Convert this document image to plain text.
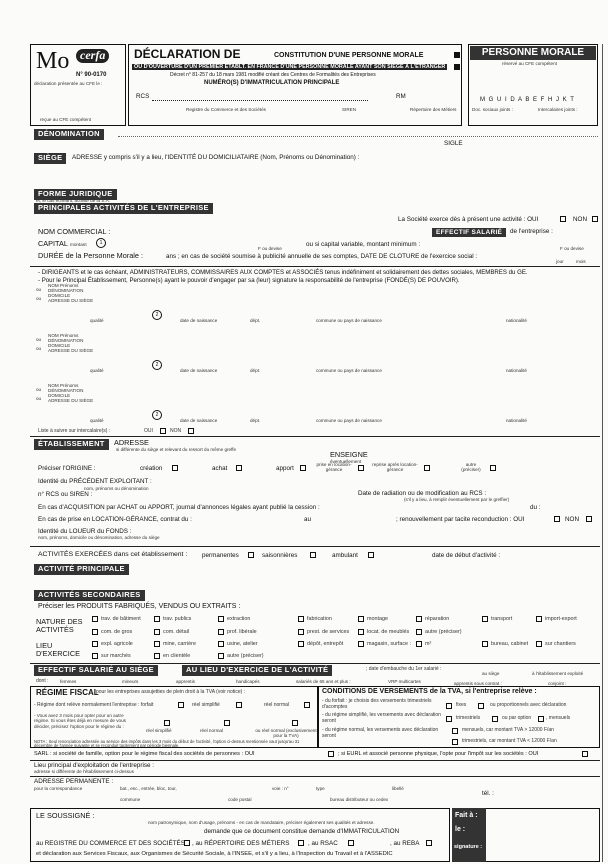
Mo cerfa
N° 90-0170
déclaration présentée au CFE le :
reçue au CFE compétent
DÉCLARATION DE	CONSTITUTION D'UNE PERSONNE MORALE
OU D'OUVERTURE D'UN PREMIER ÉTABLT. EN FRANCE D'UNE PERSONNE MORALE AYANT SON SIÈGE À L'ÉTRANGER
Décret n° 81-257 du 18 mars 1981 modifié créant des Centres de Formalités des Entreprises
NUMÉRO(S) D'IMMATRICULATION PRINCIPALE
RCS	RM
Registre du Commerce et des Sociétés	SIREN	Répertoire des Métiers
PERSONNE MORALE
réservé au CFE compétent
M G U I D A B E F H J K T
Doc. sociaux joints :	Intercalaires joints :
DÉNOMINATION
SIGLE
SIÈGE	ADRESSE y compris s'il y a lieu, l'IDENTITÉ DU DOMICILIATAIRE (Nom, Prénoms ou Dénomination) :
FORME JURIDIQUE
et, le cas échéant, activité de la S.A.
PRINCIPALES ACTIVITÉS DE L'ENTREPRISE
La Société exerce dès à présent une activité : OUI	NON
NOM COMMERCIAL :	EFFECTIF SALARIÉ	de l'entreprise :
CAPITAL montant	1
F ou devise
ou si capital variable, montant minimum :
F ou devise
DURÉE de la Personne Morale :	ans ; en cas de société soumise à publicité annuelle de ses comptes, DATE DE CLOTURE de l'exercice social :
jour	mois
- DIRIGEANTS et le cas échéant, ADMINISTRATEURS, COMMISSAIRES AUX COMPTES et ASSOCIÉS tenus indéfiniment et solidairement des dettes sociales, MEMBRES du GE.
- Pour le Principal Établissement, Personne(s) ayant le pouvoir d'engager par sa (leur) signature la responsabilité de l'entreprise (FONDÉ(S) DE POUVOIR).
ou
NOM Prénoms
DÉNOMINATION
ou
DOMICILE
ADRESSE DU SIÈGE
qualité	date de naissance	dépt.	commune ou pays de naissance	nationalité
2
ou
NOM Prénoms
DÉNOMINATION
ou
DOMICILE
ADRESSE DU SIÈGE
qualité	date de naissance	dépt.	commune ou pays de naissance	nationalité
2
ou
NOM Prénoms
DÉNOMINATION
ou
DOMICILE
ADRESSE DU SIÈGE
qualité	date de naissance	dépt.	commune ou pays de naissance	nationalité
2
Liste à suivre sur intercalaire(s) :	OUI	NON
ÉTABLISSEMENT	ADRESSE
si différente du siège et relevant du ressort du même greffe
ENSEIGNE
éventuellement
Préciser l'ORIGINE :	création	achat	apport
prise en location-gérance
reprise après location-gérance
autre (préciser)
Identité du PRÉCÉDENT EXPLOITANT :
nom, prénoms ou dénomination
n° RCS ou SIREN :	Date de radiation ou de modification au RCS :
(s'il y a lieu, à remplir éventuellement par le greffier)
En cas d'ACQUISITION par ACHAT ou APPORT, journal d'annonces légales ayant publié la cession :	du :
En cas de prise en LOCATION-GÉRANCE, contrat du :	au	; renouvellement par tacite reconduction : OUI	NON
Identité du LOUEUR du FONDS :
nom, prénoms, domicile ou dénomination, adresse du siège
ACTIVITÉS EXERCÉES dans cet établissement : permanentes	saisonnières	ambulant	date de début d'activité :
ACTIVITÉ PRINCIPALE
ACTIVITÉS SECONDAIRES
Préciser les PRODUITS FABRIQUÉS, VENDUS OU EXTRAITS :
NATURE DES ACTIVITÉS
LIEU D'EXERCICE
trav. de bâtiment	trav. publics	extraction	fabrication	montage	réparation	transport	import-export
com. de gros	com. détail	prof. libérale	prest. de services	locat. de meublés	autre (préciser)
expl. agricole	mine, carrière	usine, atelier	dépôt, entrepôt	magasin, surface :	m²	bureau, cabinet	sur chantiers
sur marchés	en clientèle	autre (préciser)
EFFECTIF SALARIÉ AU SIÈGE	AU LIEU D'EXERCICE DE L'ACTIVITÉ	; date d'embauche du 1er salarié :
au siège	à l'établissement exploité
dont : femmes	mineurs	apprentis	handicapés	salariés de 65 ans et plus :	VRP multicartes	apprentis sous contrat :	conjoint :
RÉGIME FISCAL
pour les entreprises assujetties de plein droit à la TVA (voir notice) :
- Régime dont relève normalement l'entreprise : forfait	réel simplifié	réel normal
- Vous avez 3 mois pour opter pour un autre régime. Si vous êtes déjà en mesure de vous décider, précisez l'option pour le régime du :
réel simplifié	réel normal	ou réel normal (exclusivement pour la TVA)
NOTA : Seul renonciation adressée au service des impôts dans les 3 mois du début de l'activité, l'option ci-dessus mentionnée vaut jusqu'au 31 décembre de l'année suivante et se reconduit tacitement par période biennale.
CONDITIONS DE VERSEMENTS de la TVA, si l'entreprise relève :
- du forfait : je choisis des versements trimestriels d'acomptes	fixes	ou proportionnels avec déclaration
- du régime simplifié, les versements avec déclaration seront	trimestriels	ou par option	, mensuels
- du régime normal, les versements avec déclaration seront
mensuels, car montant TVA > 12000 F/an
trimestriels, car montant TVA < 12000 F/an
SARL : si société de famille, option pour le régime fiscal des sociétés de personnes : OUI	; si EURL et associé personne physique, l'opte pour l'impôt sur les sociétés : OUI
Lieu principal d'exploitation de l'entreprise :
adresse si différente de l'établissement ci-dessus
ADRESSE PERMANENTE :
pour la correspondance	bat., esc., entrée, bloc, tour,	voie : n°	type	libellé
tél. :
commune	code postal	bureau distributeur ou cedex
LE SOUSSIGNÉ :
nom patronymique, nom d'usage, prénoms - en cas de mandataire, préciser également ses qualités et adresse.
demande que ce document constitue demande d'IMMATRICULATION
au REGISTRE DU COMMERCE ET DES SOCIÉTÉS , au RÉPERTOIRE DES MÉTIERS	, au RSAC	, au REBA
et déclaration aux Services Fiscaux, aux Organismes de Sécurité Sociale, à l'INSEE, et s'il y a lieu, à l'Inspection du Travail et à l'ASSEDIC
Fait à :
le :
signature :
